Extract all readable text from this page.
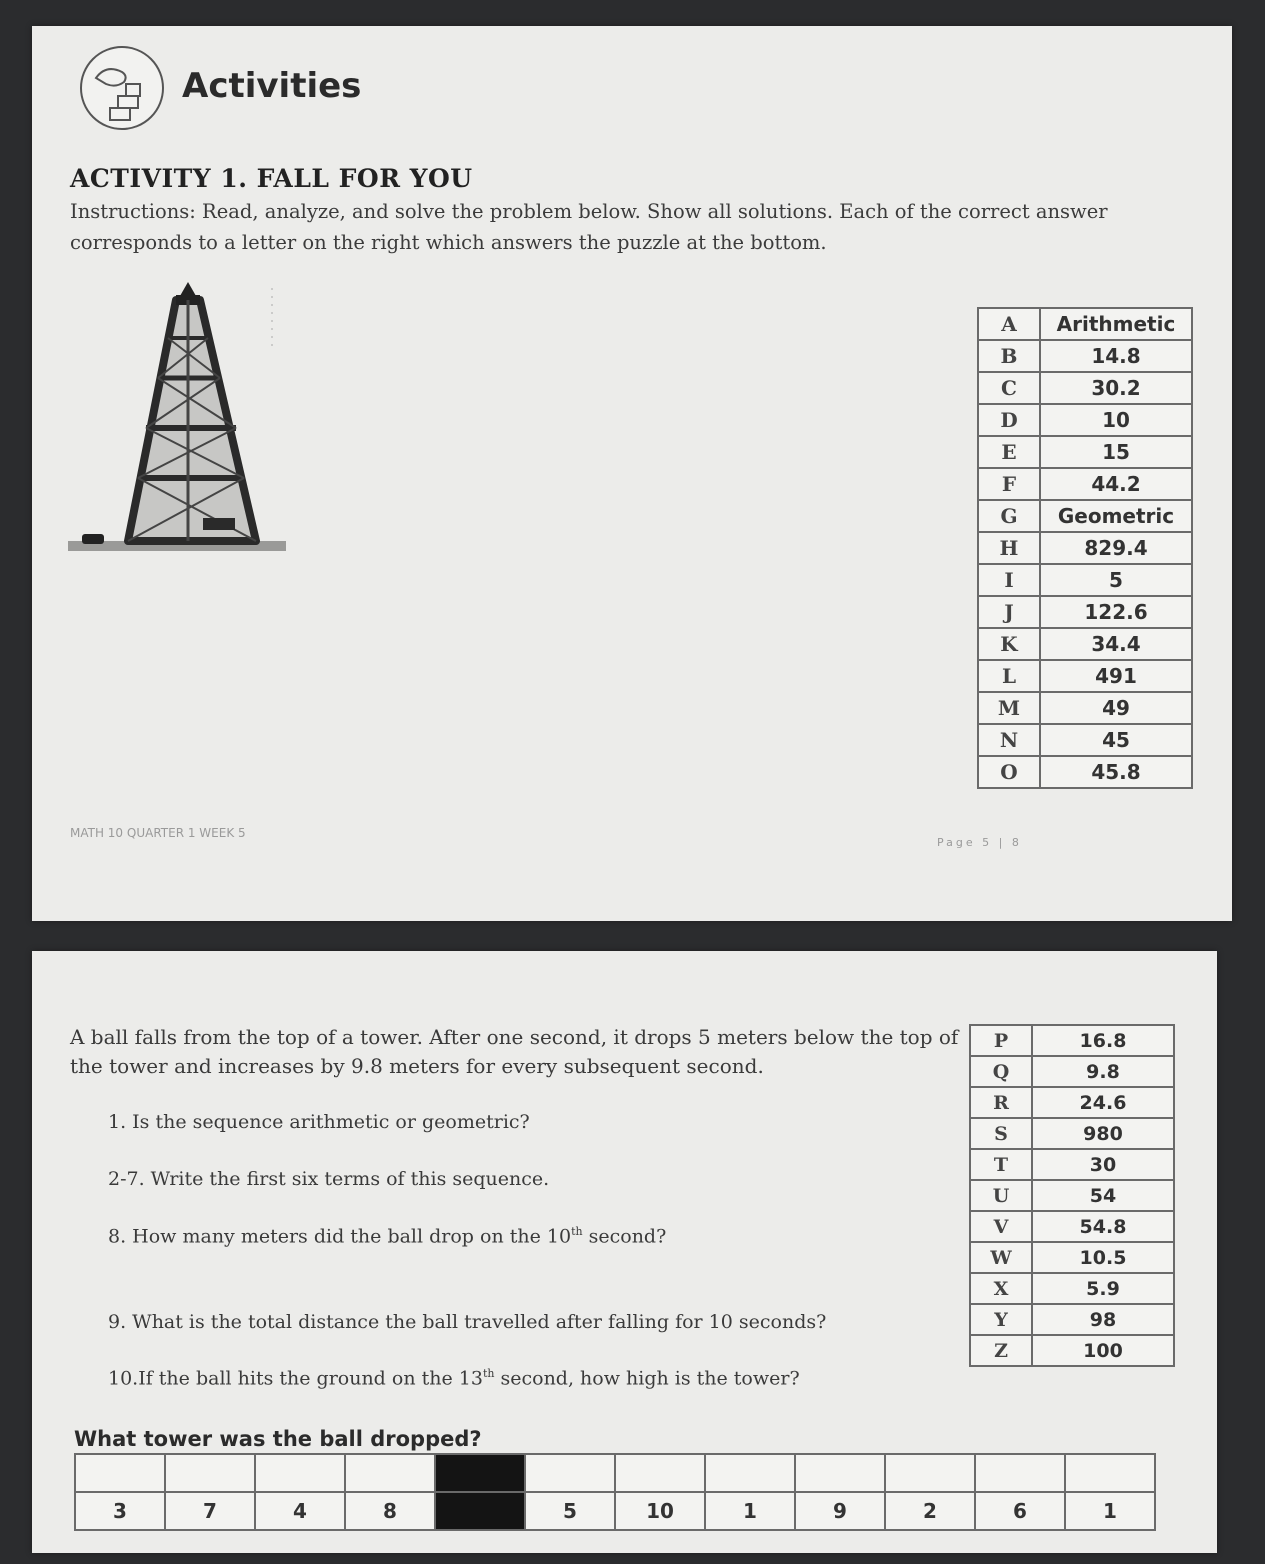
Activities
ACTIVITY 1. FALL FOR YOU
Instructions: Read, analyze, and solve the problem below. Show all solutions. Each of the correct answer corresponds to a letter on the right which answers the puzzle at the bottom.
A	Arithmetic
B	14.8
C	30.2
D	10
E	15
F	44.2
G	Geometric
H	829.4
I	5
J	122.6
K	34.4
L	491
M	49
N	45
O	45.8
MATH 10 QUARTER 1 WEEK 5
Page 5 | 8
A ball falls from the top of a tower. After one second, it drops 5 meters below the top of the tower and increases by 9.8 meters for every subsequent second.
1. Is the sequence arithmetic or geometric?
2-7. Write the first six terms of this sequence.
8. How many meters did the ball drop on the 10th second?
9. What is the total distance the ball travelled after falling for 10 seconds?
10.If the ball hits the ground on the 13th second, how high is the tower?
P	16.8
Q	9.8
R	24.6
S	980
T	30
U	54
V	54.8
W	10.5
X	5.9
Y	98
Z	100
What tower was the ball dropped?

3	7	4	8		5	10	1	9	2	6	1
